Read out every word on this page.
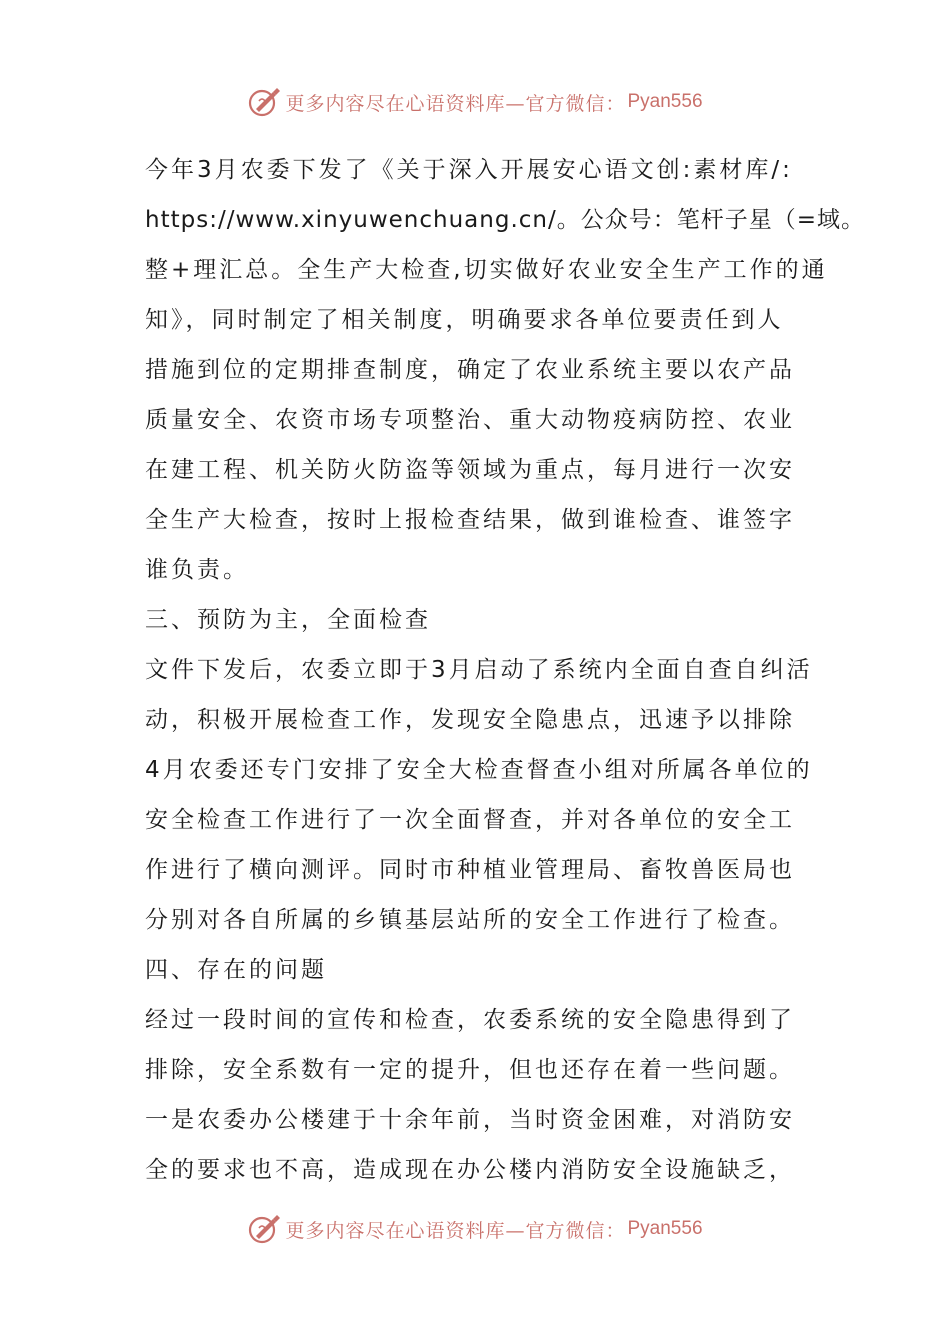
更多内容尽在心语资料库—官方微信： Pyan556
今年3月农委下发了《关于深入开展安心语文创:素材库/:
https://www.xinyuwenchuang.cn/。公众号：笔杆子星（=域。
整+理汇总。全生产大检查,切实做好农业安全生产工作的通
知》，同时制定了相关制度，明确要求各单位要责任到人
措施到位的定期排查制度，确定了农业系统主要以农产品
质量安全、农资市场专项整治、重大动物疫病防控、农业
在建工程、机关防火防盗等领域为重点，每月进行一次安
全生产大检查，按时上报检查结果，做到谁检查、谁签字
谁负责。
三、预防为主，全面检查
文件下发后，农委立即于3月启动了系统内全面自查自纠活
动，积极开展检查工作，发现安全隐患点，迅速予以排除
4月农委还专门安排了安全大检查督查小组对所属各单位的
安全检查工作进行了一次全面督查，并对各单位的安全工
作进行了横向测评。同时市种植业管理局、畜牧兽医局也
分别对各自所属的乡镇基层站所的安全工作进行了检查。
四、存在的问题
经过一段时间的宣传和检查，农委系统的安全隐患得到了
排除，安全系数有一定的提升，但也还存在着一些问题。
一是农委办公楼建于十余年前，当时资金困难，对消防安
全的要求也不高，造成现在办公楼内消防安全设施缺乏，
更多内容尽在心语资料库—官方微信： Pyan556
